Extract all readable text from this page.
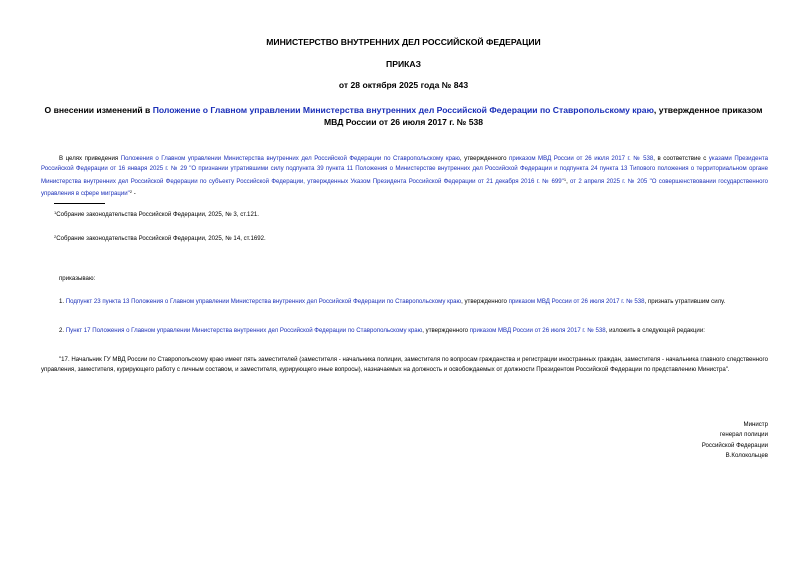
МИНИСТЕРСТВО ВНУТРЕННИХ ДЕЛ РОССИЙСКОЙ ФЕДЕРАЦИИ
ПРИКАЗ
от 28 октября 2025 года № 843
О внесении изменений в Положение о Главном управлении Министерства внутренних дел Российской Федерации по Ставропольскому краю, утвержденное приказом МВД России от 26 июля 2017 г. № 538
В целях приведения Положения о Главном управлении Министерства внутренних дел Российской Федерации по Ставропольскому краю, утвержденного приказом МВД России от 26 июля 2017 г. № 538, в соответствие с указами Президента Российской Федерации от 16 января 2025 г. № 29 "О признании утратившими силу подпункта 39 пункта 11 Положения о Министерстве внутренних дел Российской Федерации и подпункта 24 пункта 13 Типового положения о территориальном органе Министерства внутренних дел Российской Федерации по субъекту Российской Федерации, утвержденных Указом Президента Российской Федерации от 21 декабря 2016 г. № 699"$^1$, от 2 апреля 2025 г. № 205 "О совершенствовании государственного управления в сфере миграции"$^2$ -
$^1$Собрание законодательства Российской Федерации, 2025, № 3, ст.121.
$^2$Собрание законодательства Российской Федерации, 2025, № 14, ст.1692.
приказываю:
1. Подпункт 23 пункта 13 Положения о Главном управлении Министерства внутренних дел Российской Федерации по Ставропольскому краю, утвержденного приказом МВД России от 26 июля 2017 г. № 538, признать утратившим силу.
2. Пункт 17 Положения о Главном управлении Министерства внутренних дел Российской Федерации по Ставропольскому краю, утвержденного приказом МВД России от 26 июля 2017 г. № 538, изложить в следующей редакции:
"17. Начальник ГУ МВД России по Ставропольскому краю имеет пять заместителей (заместителя - начальника полиции, заместителя по вопросам гражданства и регистрации иностранных граждан, заместителя - начальника главного следственного управления, заместителя, курирующего работу с личным составом, и заместителя, курирующего иные вопросы), назначаемых на должность и освобождаемых от должности Президентом Российской Федерации по представлению Министра".
Министр
генерал полиции
Российской Федерации
В.Колокольцев
